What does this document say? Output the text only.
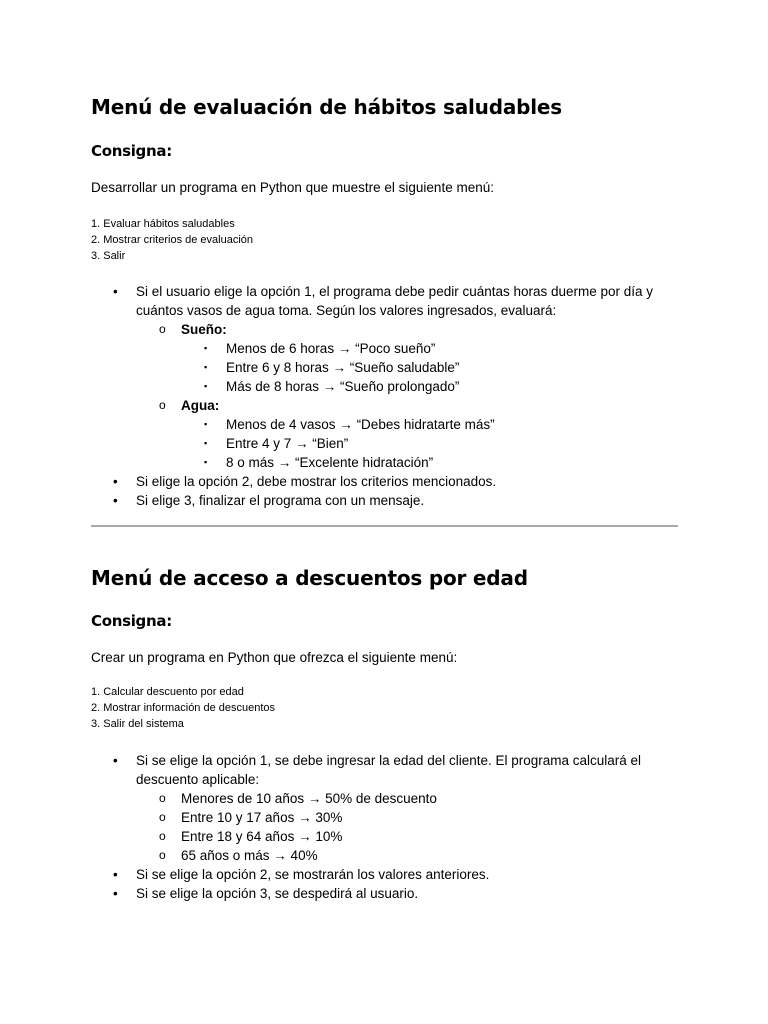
Menú de evaluación de hábitos saludables
Consigna:

Desarrollar un programa en Python que muestre el siguiente menú:

1. Evaluar hábitos saludables
2. Mostrar criterios de evaluación
3. Salir
• Si el usuario elige la opción 1, el programa debe pedir cuántas horas duerme por día y cuántos vasos de agua toma. Según los valores ingresados, evaluará:
o Sueño:
▪ Menos de 6 horas → “Poco sueño”
▪ Entre 6 y 8 horas → “Sueño saludable”
▪ Más de 8 horas → “Sueño prolongado”
o Agua:
▪ Menos de 4 vasos → “Debes hidratarte más”
▪ Entre 4 y 7 → “Bien”
▪ 8 o más → “Excelente hidratación”
• Si elige la opción 2, debe mostrar los criterios mencionados.
• Si elige 3, finalizar el programa con un mensaje.
Menú de acceso a descuentos por edad
Consigna:

Crear un programa en Python que ofrezca el siguiente menú:

1. Calcular descuento por edad
2. Mostrar información de descuentos
3. Salir del sistema
• Si se elige la opción 1, se debe ingresar la edad del cliente. El programa calculará el descuento aplicable:
o Menores de 10 años → 50% de descuento
o Entre 10 y 17 años → 30%
o Entre 18 y 64 años → 10%
o 65 años o más → 40%
• Si se elige la opción 2, se mostrarán los valores anteriores.
• Si se elige la opción 3, se despedirá al usuario.
